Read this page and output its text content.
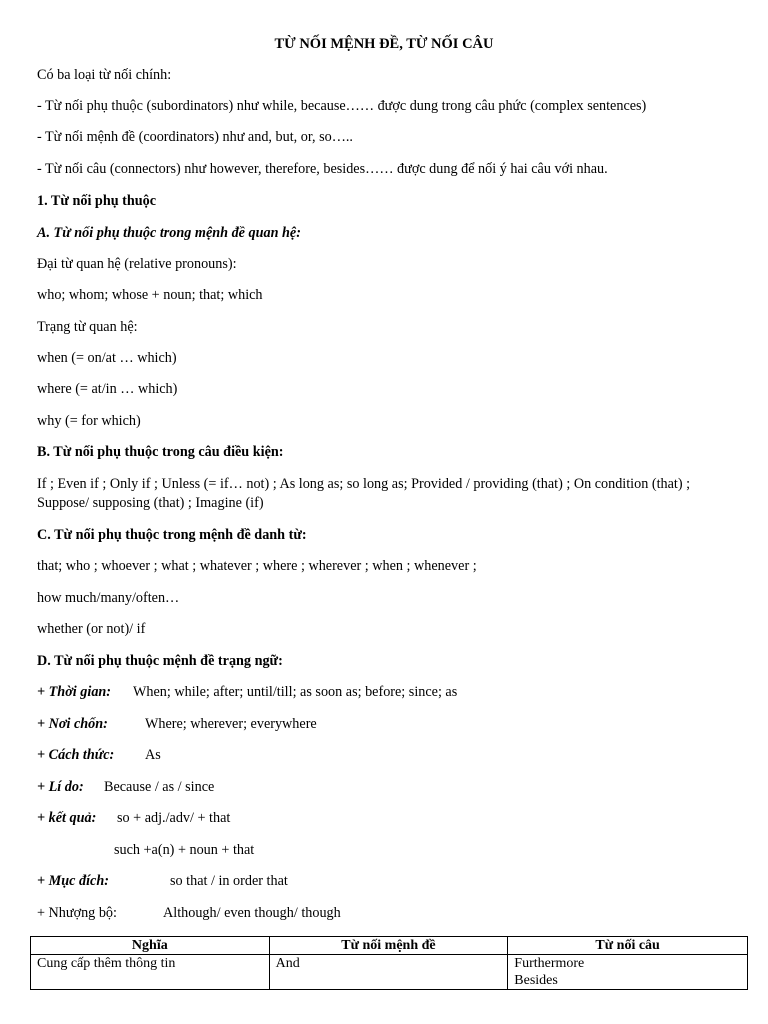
TỪ NỐI MỆNH ĐỀ, TỪ NỐI CÂU
Có ba loại từ nối chính:
- Từ nối phụ thuộc (subordinators) như while, because…… được dung trong câu phức (complex sentences)
- Từ nối mệnh đề (coordinators) như and, but, or, so…..
- Từ nối câu (connectors) như however, therefore, besides…… được dung để nối ý hai câu với nhau.
1. Từ nối phụ thuộc
A. Từ nối phụ thuộc trong mệnh đề quan hệ:
Đại từ quan hệ (relative pronouns):
who; whom; whose + noun; that; which
Trạng từ quan hệ:
when (= on/at … which)
where (= at/in … which)
why (= for which)
B. Từ nối phụ thuộc trong câu điều kiện:
If ; Even if ; Only if ; Unless (= if… not) ; As long as; so long as; Provided / providing (that) ; On condition (that) ; Suppose/ supposing (that) ; Imagine (if)
C. Từ nối phụ thuộc trong mệnh đề danh từ:
that; who ; whoever ; what ; whatever ; where ; wherever ; when ; whenever ;
how much/many/often…
whether (or not)/ if
D. Từ nối phụ thuộc mệnh đề trạng ngữ:
+ Thời gian: When; while; after; until/till; as soon as; before; since; as
+ Nơi chốn:	Where; wherever; everywhere
+ Cách thức: As
+ Lí do: Because / as / since
+ kết quả: so + adj./adv/ + that
such +a(n) + noun + that
+ Mục đích:	so that / in order that
+ Nhượng bộ:	Although/ even though/ though
Nghĩa	Từ nối mệnh đề	Từ nối câu
Cung cấp thêm thông tin	And	Furthermore
Besides
